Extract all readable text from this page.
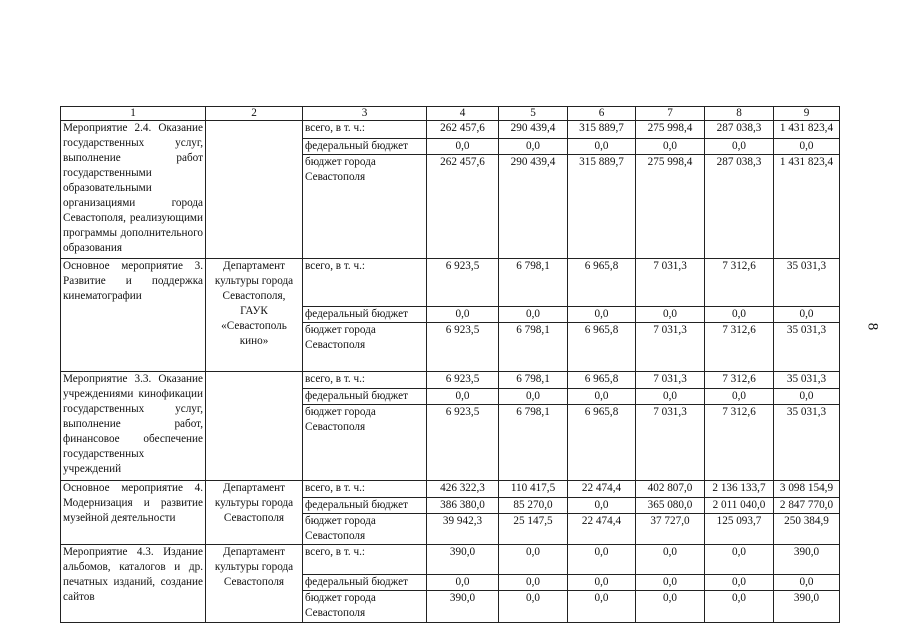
1	2	3	4	5	6	7	8	9
Мероприятие 2.4. Оказание государственных услуг, выполнение работ государственными образовательными организациями города Севастополя, реализующими программы дополнительного образования		всего, в т. ч.:	262 457,6	290 439,4	315 889,7	275 998,4	287 038,3	1 431 823,4
		федеральный бюджет	0,0	0,0	0,0	0,0	0,0	0,0
		бюджет города Севастополя	262 457,6	290 439,4	315 889,7	275 998,4	287 038,3	1 431 823,4
Основное мероприятие 3. Развитие и поддержка кинематографии	Департамент культуры города Севастополя, ГАУК «Севастополь кино»	всего, в т. ч.:	6 923,5	6 798,1	6 965,8	7 031,3	7 312,6	35 031,3
		федеральный бюджет	0,0	0,0	0,0	0,0	0,0	0,0
		бюджет города Севастополя	6 923,5	6 798,1	6 965,8	7 031,3	7 312,6	35 031,3
Мероприятие 3.3. Оказание учреждениями кинофикации государственных услуг, выполнение работ, финансовое обеспечение государственных учреждений		всего, в т. ч.:	6 923,5	6 798,1	6 965,8	7 031,3	7 312,6	35 031,3
		федеральный бюджет	0,0	0,0	0,0	0,0	0,0	0,0
		бюджет города Севастополя	6 923,5	6 798,1	6 965,8	7 031,3	7 312,6	35 031,3
Основное мероприятие 4. Модернизация и развитие музейной деятельности	Департамент культуры города Севастополя	всего, в т. ч.:	426 322,3	110 417,5	22 474,4	402 807,0	2 136 133,7	3 098 154,9
		федеральный бюджет	386 380,0	85 270,0	0,0	365 080,0	2 011 040,0	2 847 770,0
		бюджет города Севастополя	39 942,3	25 147,5	22 474,4	37 727,0	125 093,7	250 384,9
Мероприятие 4.3. Издание альбомов, каталогов и др. печатных изданий, создание сайтов	Департамент культуры города Севастополя	всего, в т. ч.:	390,0	0,0	0,0	0,0	0,0	390,0
		федеральный бюджет	0,0	0,0	0,0	0,0	0,0	0,0
		бюджет города Севастополя	390,0	0,0	0,0	0,0	0,0	390,0
8
